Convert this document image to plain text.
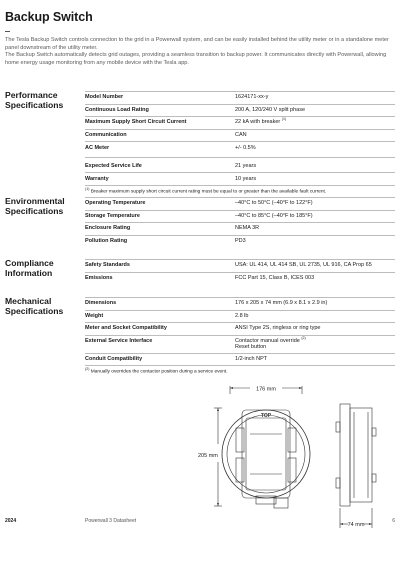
Backup Switch

The Tesla Backup Switch controls connection to the grid in a Powerwall system, and can be easily installed behind the utility meter or in a standalone meter panel downstream of the utility meter.

The Backup Switch automatically detects grid outages, providing a seamless transition to backup power. It communicates directly with Powerwall, allowing home energy usage monitoring from any mobile device with the Tesla app.

Performance Specifications
Model Number	1624171-xx-y
Continuous Load Rating	200 A, 120/240 V split phase
Maximum Supply Short Circuit Current	22 kA with breaker $^{(1)}$
Communication	CAN
AC Meter	+/- 0.5%
Expected Service Life	21 years
Warranty	10 years
$^{(1)}$ Breaker maximum supply short circuit current rating must be equal to or greater than the available fault current.
Environmental Specifications
Operating Temperature	–40°C to 50°C (–40°F to 122°F)
Storage Temperature	–40°C to 85°C (–40°F to 185°F)
Enclosure Rating	NEMA 3R
Pollution Rating	PD3
Compliance Information
Safety Standards	USA: UL 414, UL 414 SB, UL 2735, UL 916, CA Prop 65
Emissions	FCC Part 15, Class B, ICES 003
Mechanical Specifications
Dimensions	176 x 205 x 74 mm (6.9 x 8.1 x 2.9 in)
Weight	2.8 lb
Meter and Socket Compatibility	ANSI Type 2S, ringless or ring type
External Service Interface	Contactor manual override $^{(2)}$
Reset button
Conduit Compatibility	1/2-inch NPT
$^{(2)}$ Manually overrides the contactor position during a service event.
176 mm
205 mm
74 mm
TOP
2024	Powerwall 3 Datasheet	6
